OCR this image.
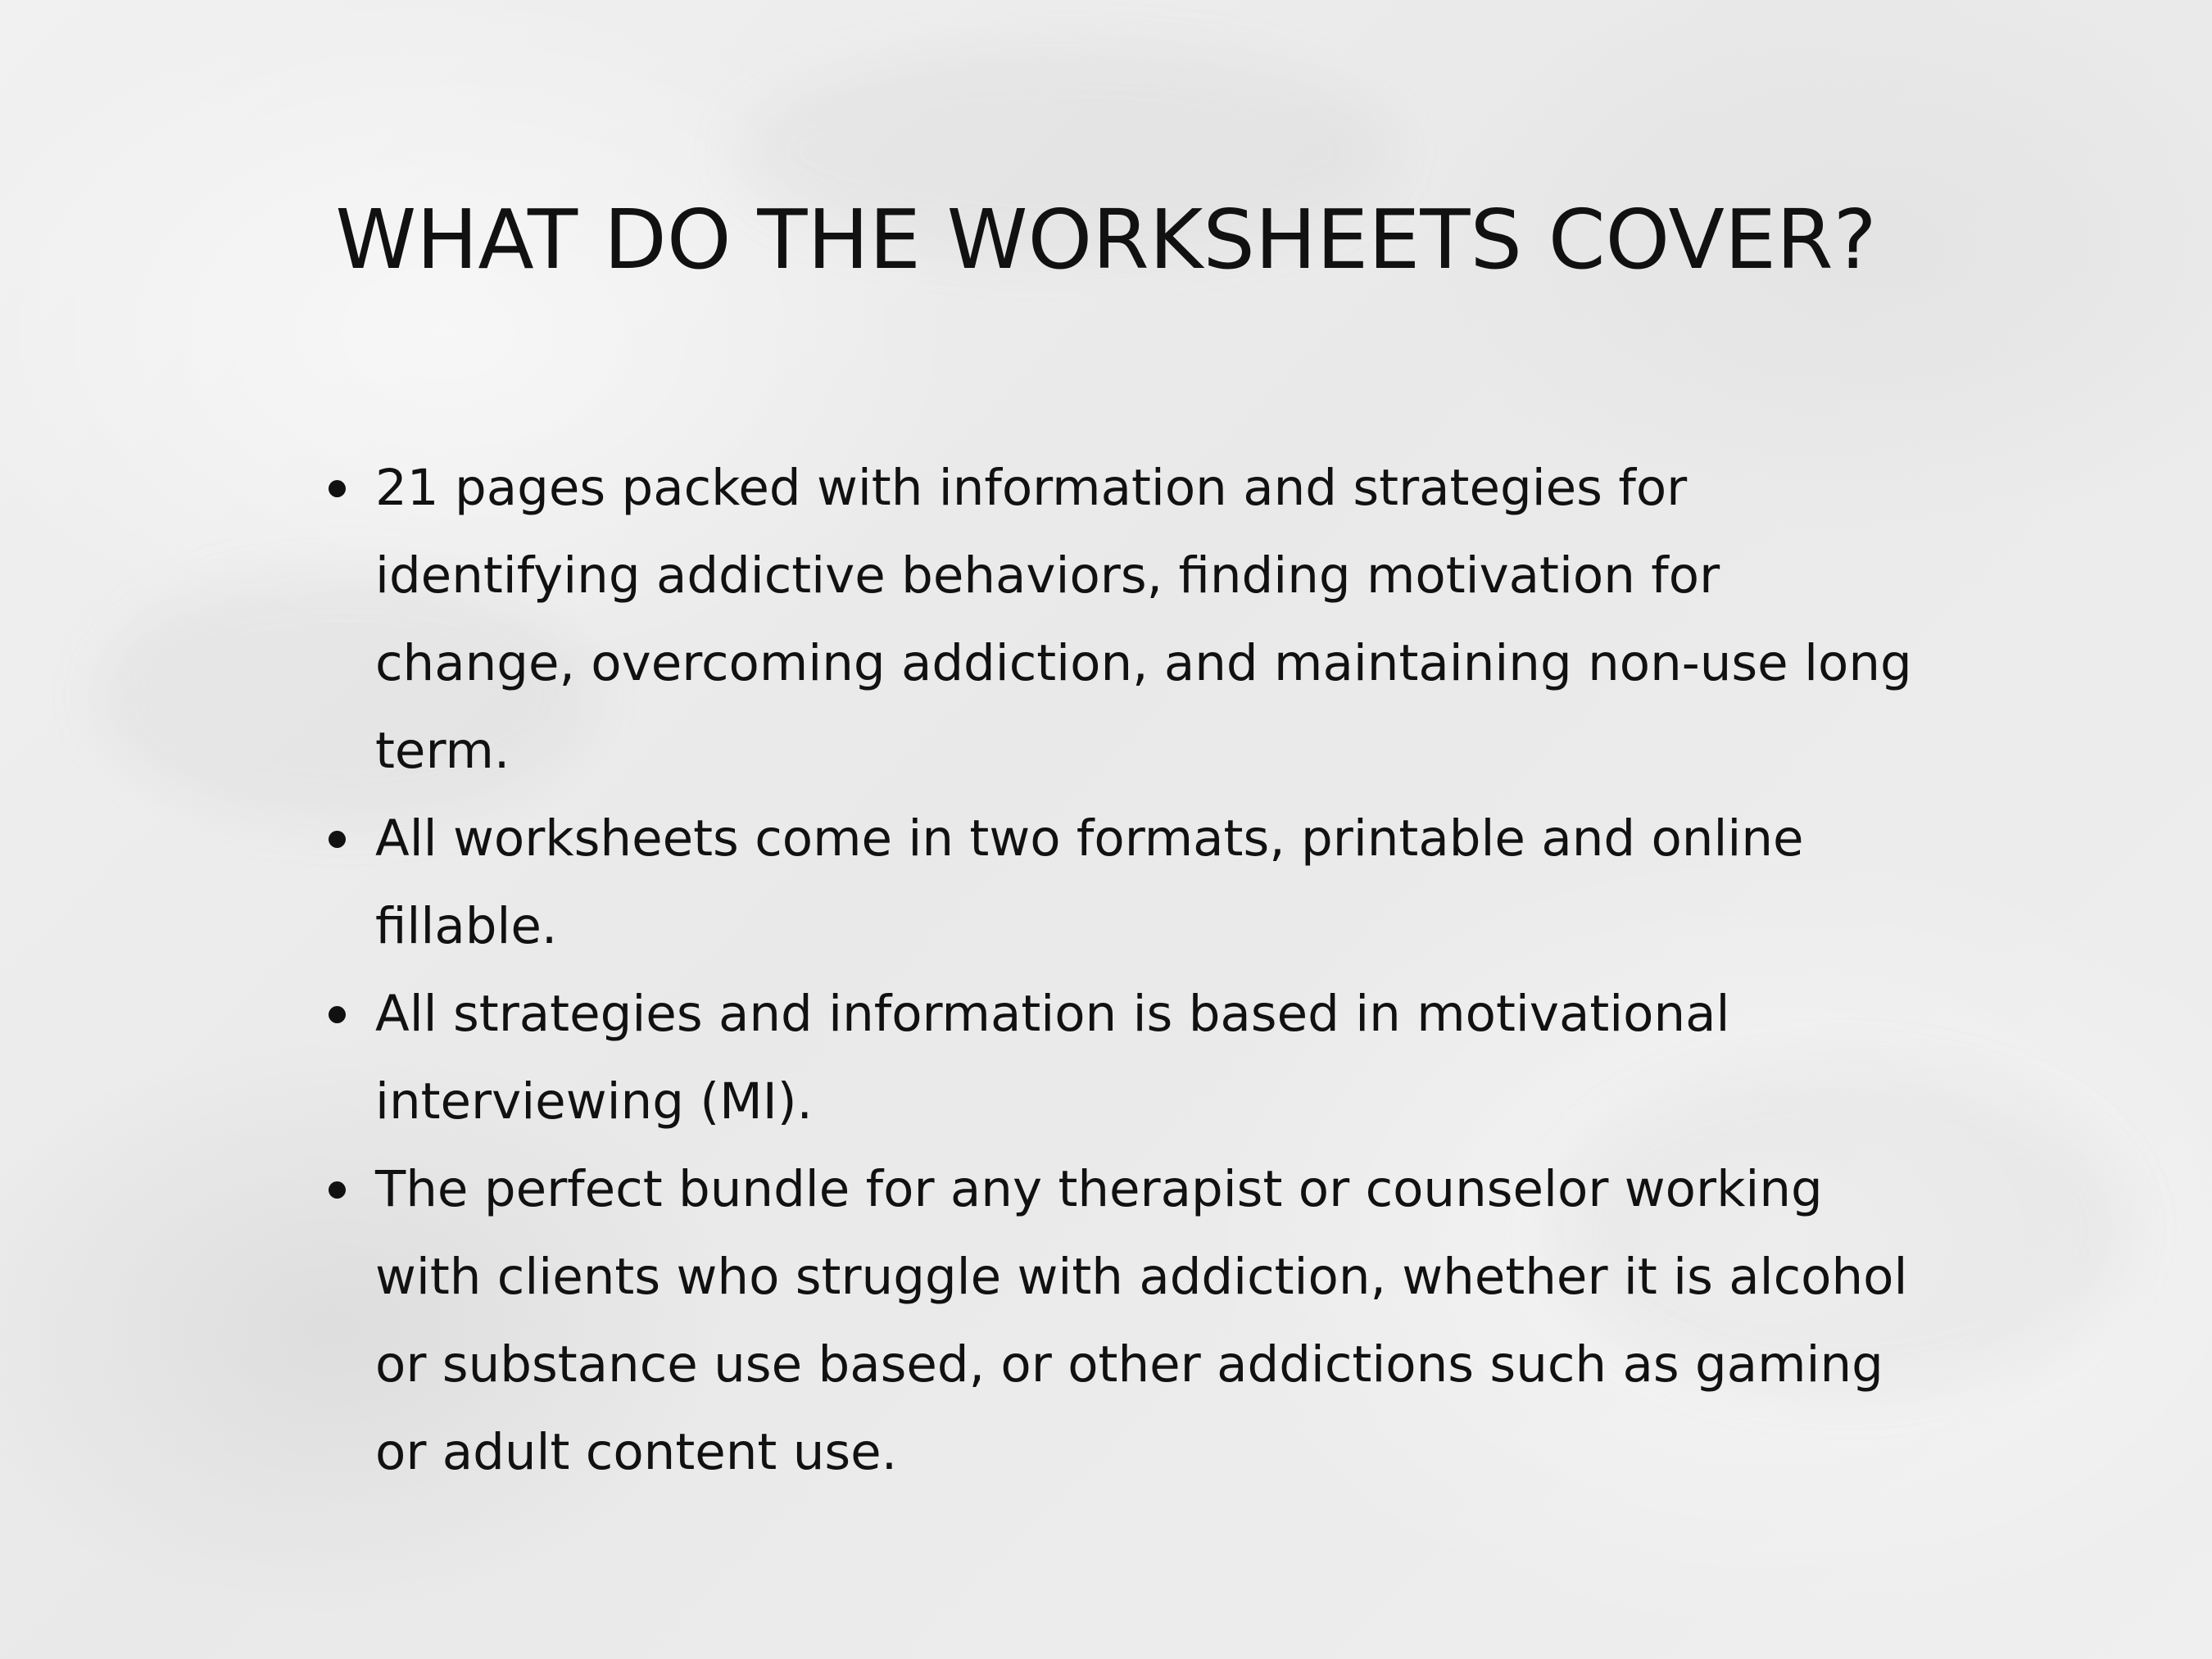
WHAT DO THE WORKSHEETS COVER?
21 pages packed with information and strategies for identifying addictive behaviors, finding motivation for change, overcoming addiction, and maintaining non-use long term.
All worksheets come in two formats, printable and online fillable.
All strategies and information is based in motivational interviewing (MI).
The perfect bundle for any therapist or counselor working with clients who struggle with addiction, whether it is alcohol or substance use based, or other addictions such as gaming or adult content use.
